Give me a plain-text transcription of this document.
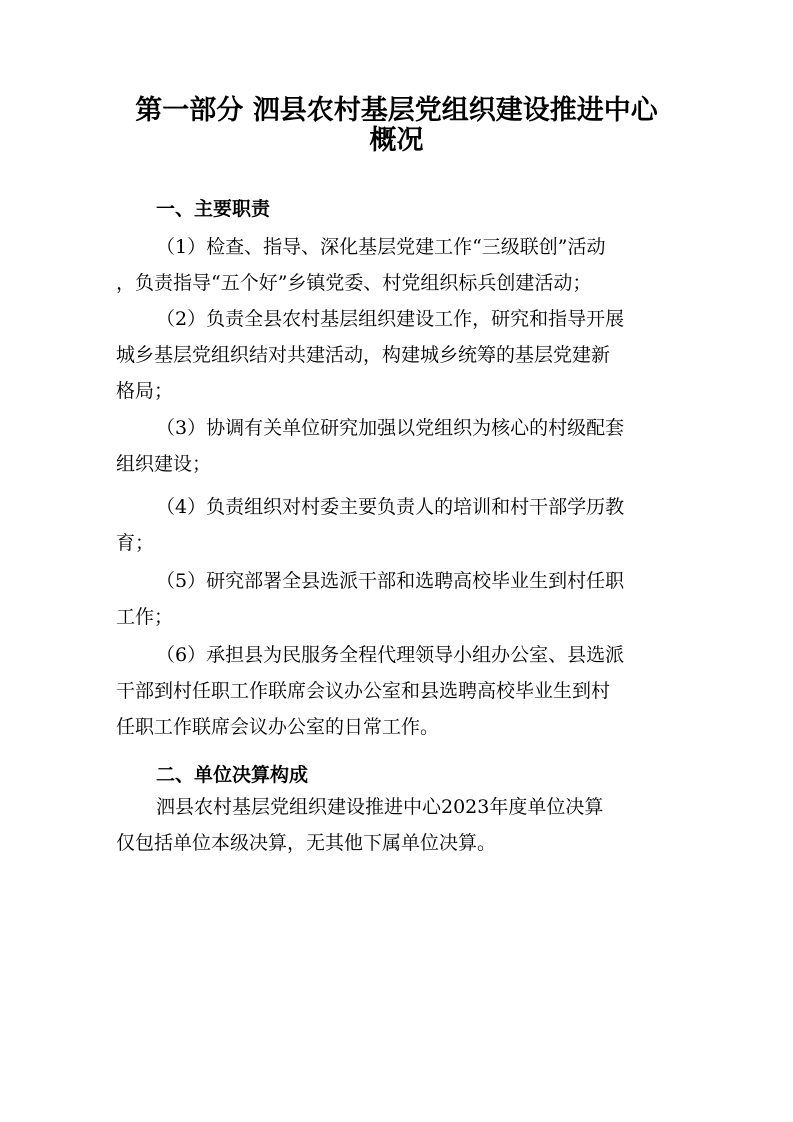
第一部分 泗县农村基层党组织建设推进中心
概况
一、主要职责

（1）检查、指导、深化基层党建工作“三级联创”活动
，负责指导“五个好”乡镇党委、村党组织标兵创建活动；

（2）负责全县农村基层组织建设工作，研究和指导开展
城乡基层党组织结对共建活动，构建城乡统筹的基层党建新
格局；

（3）协调有关单位研究加强以党组织为核心的村级配套
组织建设；

（4）负责组织对村委主要负责人的培训和村干部学历教
育；

（5）研究部署全县选派干部和选聘高校毕业生到村任职
工作；

（6）承担县为民服务全程代理领导小组办公室、县选派
干部到村任职工作联席会议办公室和县选聘高校毕业生到村
任职工作联席会议办公室的日常工作。

二、单位决算构成

泗县农村基层党组织建设推进中心2023年度单位决算
仅包括单位本级决算，无其他下属单位决算。
